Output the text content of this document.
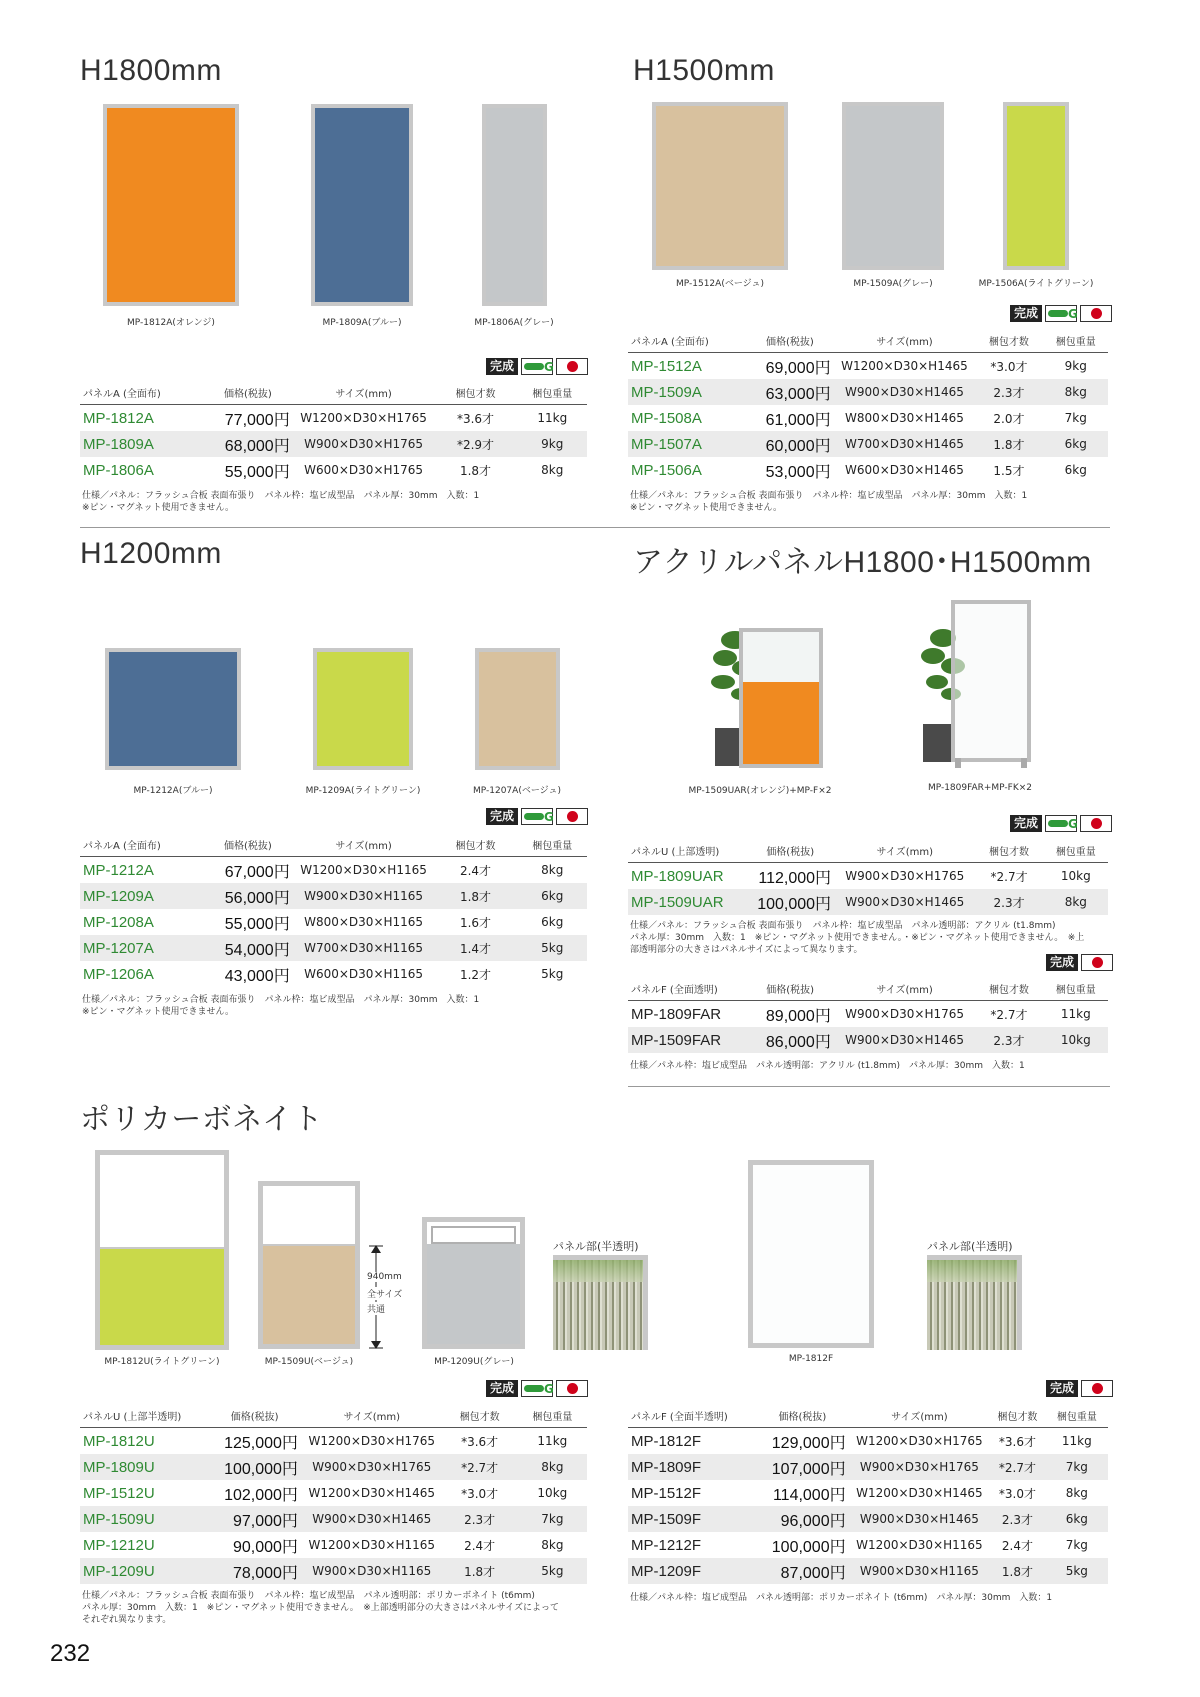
H1800mm
MP-1812A(オレンジ)	MP-1809A(ブルー)	MP-1806A(グレー)
完成	G
パネルA (全面布)	価格(税抜)	サイズ(mm)	梱包才数	梱包重量
MP-1812A	77,000円	W1200×D30×H1765	*3.6才	11kg
MP-1809A	68,000円	W900×D30×H1765	*2.9才	9kg
MP-1806A	55,000円	W600×D30×H1765	1.8才	8kg
仕様／パネル：フラッシュ合板 表面布張り　パネル枠：塩ビ成型品　パネル厚：30mm　入数：1
※ピン・マグネット使用できません。
H1500mm
MP-1512A(ベージュ)	MP-1509A(グレー)	MP-1506A(ライトグリーン)
完成	G
パネルA (全面布)	価格(税抜)	サイズ(mm)	梱包才数	梱包重量
MP-1512A	69,000円	W1200×D30×H1465	*3.0才	9kg
MP-1509A	63,000円	W900×D30×H1465	2.3才	8kg
MP-1508A	61,000円	W800×D30×H1465	2.0才	7kg
MP-1507A	60,000円	W700×D30×H1465	1.8才	6kg
MP-1506A	53,000円	W600×D30×H1465	1.5才	6kg
仕様／パネル：フラッシュ合板 表面布張り　パネル枠：塩ビ成型品　パネル厚：30mm　入数：1
※ピン・マグネット使用できません。
H1200mm
MP-1212A(ブルー)	MP-1209A(ライトグリーン)	MP-1207A(ベージュ)
完成	G
パネルA (全面布)	価格(税抜)	サイズ(mm)	梱包才数	梱包重量
MP-1212A	67,000円	W1200×D30×H1165	2.4才	8kg
MP-1209A	56,000円	W900×D30×H1165	1.8才	6kg
MP-1208A	55,000円	W800×D30×H1165	1.6才	6kg
MP-1207A	54,000円	W700×D30×H1165	1.4才	5kg
MP-1206A	43,000円	W600×D30×H1165	1.2才	5kg
仕様／パネル：フラッシュ合板 表面布張り　パネル枠：塩ビ成型品　パネル厚：30mm　入数：1
※ピン・マグネット使用できません。
アクリルパネルH1800･H1500mm
MP-1509UAR(オレンジ)+MP-F×2	MP-1809FAR+MP-FK×2
完成	G
パネルU (上部透明)	価格(税抜)	サイズ(mm)	梱包才数	梱包重量
MP-1809UAR	112,000円	W900×D30×H1765	*2.7才	10kg
MP-1509UAR	100,000円	W900×D30×H1465	2.3才	8kg
仕様／パネル：フラッシュ合板 表面布張り　パネル枠：塩ビ成型品　パネル透明部：アクリル (t1.8mm)
パネル厚：30mm　入数：1　※ピン・マグネット使用できません。・※ピン・マグネット使用できません。　※上
部透明部分の大きさはパネルサイズによって異なります。
完成
パネルF (全面透明)	価格(税抜)	サイズ(mm)	梱包才数	梱包重量
MP-1809FAR	89,000円	W900×D30×H1765	*2.7才	11kg
MP-1509FAR	86,000円	W900×D30×H1465	2.3才	10kg
仕様／パネル枠：塩ビ成型品　パネル透明部：アクリル (t1.8mm)　パネル厚：30mm　入数：1
ポリカーボネイト
MP-1812U(ライトグリーン)	MP-1509U(ベージュ)
940mm
全サイズ
共通
MP-1209U(グレー)
パネル部(半透明)
MP-1812F
パネル部(半透明)
完成	G	完成
パネルU (上部半透明)	価格(税抜)	サイズ(mm)	梱包才数	梱包重量
MP-1812U	125,000円	W1200×D30×H1765	*3.6才	11kg
MP-1809U	100,000円	W900×D30×H1765	*2.7才	8kg
MP-1512U	102,000円	W1200×D30×H1465	*3.0才	10kg
MP-1509U	97,000円	W900×D30×H1465	2.3才	7kg
MP-1212U	90,000円	W1200×D30×H1165	2.4才	8kg
MP-1209U	78,000円	W900×D30×H1165	1.8才	5kg
仕様／パネル：フラッシュ合板 表面布張り　パネル枠：塩ビ成型品　パネル透明部：ポリカーボネイト (t6mm)
パネル厚：30mm　入数：1　※ピン・マグネット使用できません。　※上部透明部分の大きさはパネルサイズによって
それぞれ異なります。
パネルF (全面半透明)	価格(税抜)	サイズ(mm)	梱包才数	梱包重量
MP-1812F	129,000円	W1200×D30×H1765	*3.6才	11kg
MP-1809F	107,000円	W900×D30×H1765	*2.7才	7kg
MP-1512F	114,000円	W1200×D30×H1465	*3.0才	8kg
MP-1509F	96,000円	W900×D30×H1465	2.3才	6kg
MP-1212F	100,000円	W1200×D30×H1165	2.4才	7kg
MP-1209F	87,000円	W900×D30×H1165	1.8才	5kg
仕様／パネル枠：塩ビ成型品　パネル透明部：ポリカーボネイト (t6mm)　パネル厚：30mm　入数：1
232
